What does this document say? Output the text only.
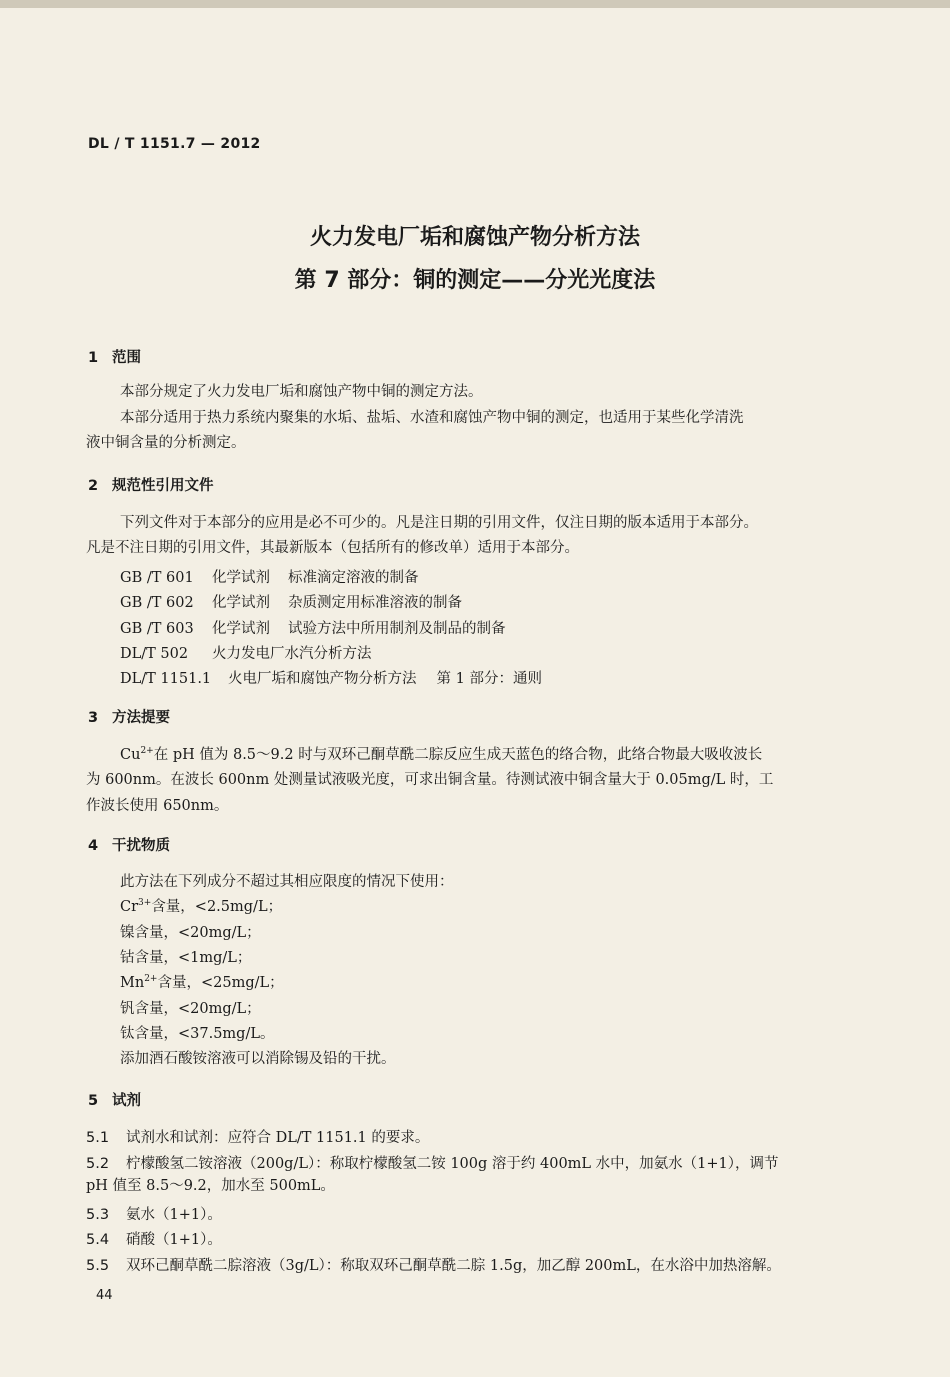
DL / T 1151.7 — 2012
火力发电厂垢和腐蚀产物分析方法
第 7 部分：铜的测定——分光光度法
1 范围
本部分规定了火力发电厂垢和腐蚀产物中铜的测定方法。
本部分适用于热力系统内聚集的水垢、盐垢、水渣和腐蚀产物中铜的测定，也适用于某些化学清洗
液中铜含量的分析测定。
2 规范性引用文件
下列文件对于本部分的应用是必不可少的。凡是注日期的引用文件，仅注日期的版本适用于本部分。
凡是不注日期的引用文件，其最新版本（包括所有的修改单）适用于本部分。
GB /T 601 化学试剂 标准滴定溶液的制备
GB /T 602 化学试剂 杂质测定用标准溶液的制备
GB /T 603 化学试剂 试验方法中所用制剂及制品的制备
DL/T 502 火力发电厂水汽分析方法
DL/T 1151.1 火电厂垢和腐蚀产物分析方法 第 1 部分：通则
3 方法提要
$Cu^{2+}$在 pH 值为 8.5～9.2 时与双环己酮草酰二腙反应生成天蓝色的络合物，此络合物最大吸收波长
为 600nm。在波长 600nm 处测量试液吸光度，可求出铜含量。待测试液中铜含量大于 0.05mg/L 时，工
作波长使用 650nm。
4 干扰物质
此方法在下列成分不超过其相应限度的情况下使用：
$Cr^{3+}$含量，<2.5mg/L；
镍含量，<20mg/L；
钴含量，<1mg/L；
$Mn^{2+}$含量，<25mg/L；
钒含量，<20mg/L；
钛含量，<37.5mg/L。
添加酒石酸铵溶液可以消除锡及铅的干扰。
5 试剂
5.1 试剂水和试剂：应符合 DL/T 1151.1 的要求。
5.2 柠檬酸氢二铵溶液（200g/L）：称取柠檬酸氢二铵 100g 溶于约 400mL 水中，加氨水（1+1），调节
pH 值至 8.5～9.2，加水至 500mL。
5.3 氨水（1+1）。
5.4 硝酸（1+1）。
5.5 双环己酮草酰二腙溶液（3g/L）：称取双环己酮草酰二腙 1.5g，加乙醇 200mL，在水浴中加热溶解。
44
